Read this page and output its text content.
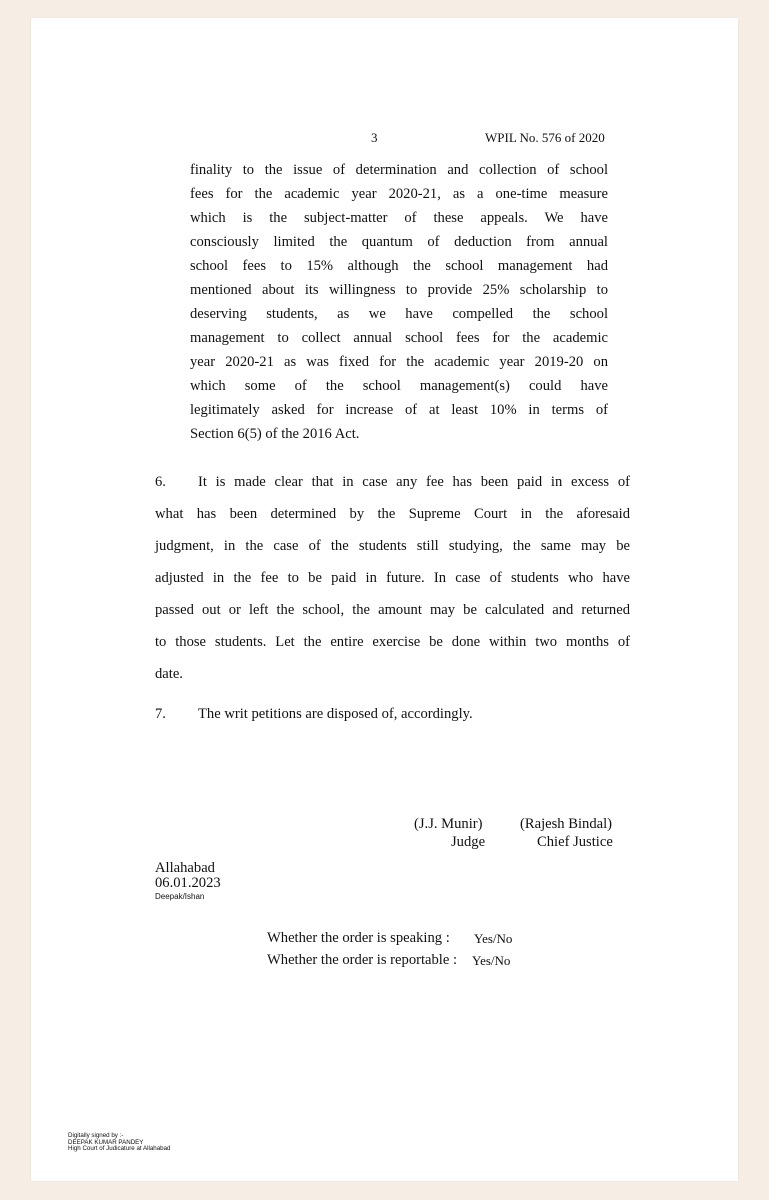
3	WPIL No. 576 of 2020
finality to the issue of determination and collection of school
fees for the academic year 2020-21, as a one-time measure
which is the subject-matter of these appeals. We have
consciously limited the quantum of deduction from annual
school fees to 15% although the school management had
mentioned about its willingness to provide 25% scholarship to
deserving students, as we have compelled the school
management to collect annual school fees for the academic
year 2020-21 as was fixed for the academic year 2019-20 on
which some of the school management(s) could have
legitimately asked for increase of at least 10% in terms of
Section 6(5) of the 2016 Act.
6. It is made clear that in case any fee has been paid in excess of
what has been determined by the Supreme Court in the aforesaid
judgment, in the case of the students still studying, the same may be
adjusted in the fee to be paid in future. In case of students who have
passed out or left the school, the amount may be calculated and returned
to those students. Let the entire exercise be done within two months of
date.
7. The writ petitions are disposed of, accordingly.
(J.J. Munir)
Judge
(Rajesh Bindal)
Chief Justice
Allahabad
06.01.2023
Deepak/Ishan
Whether the order is speaking : Yes/No
Whether the order is reportable : Yes/No
Digitally signed by :-
DEEPAK KUMAR PANDEY
High Court of Judicature at Allahabad
